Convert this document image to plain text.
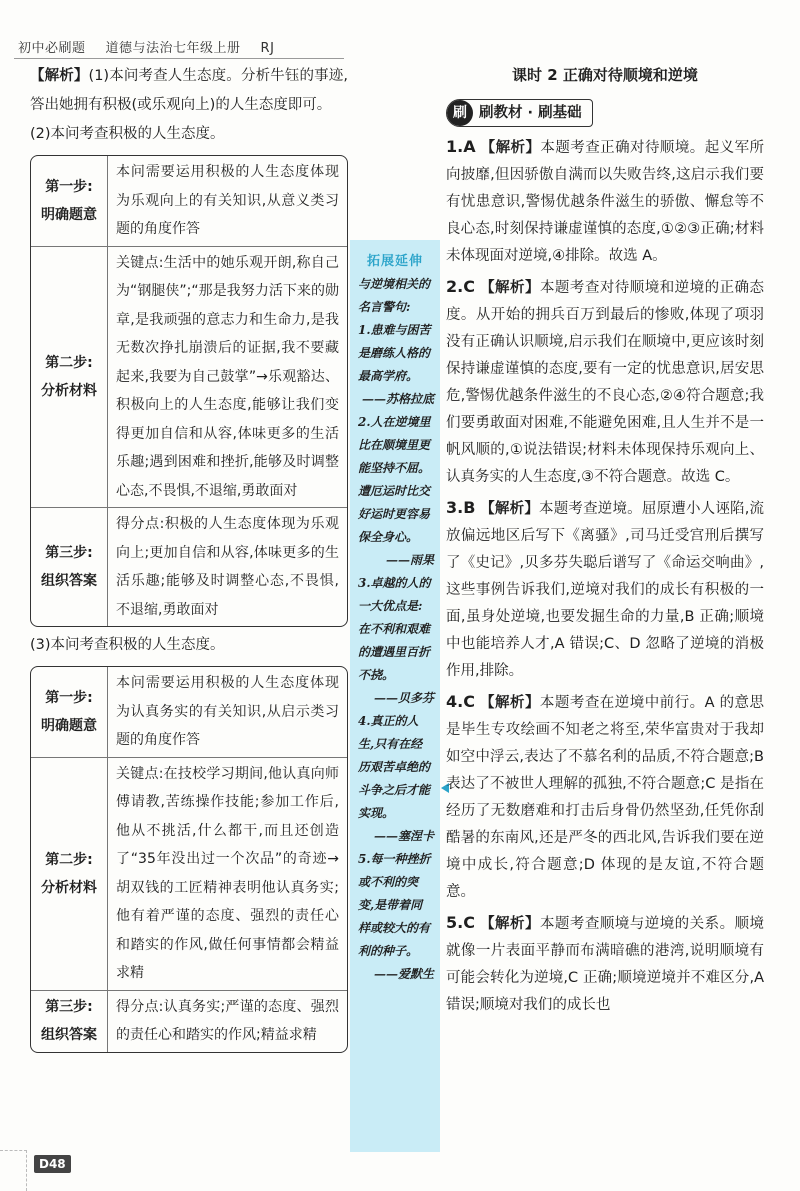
初中必刷题 道德与法治七年级上册 RJ

【解析】(1)本问考查人生态度。分析牛钰的事迹,答出她拥有积极(或乐观向上)的人生态度即可。

(2)本问考查积极的人生态度。

第一步:
明确题意
本问需要运用积极的人生态度体现为乐观向上的有关知识,从意义类习题的角度作答
第二步:
分析材料
关键点:生活中的她乐观开朗,称自己为“钢腿侠”;“那是我努力活下来的勋章,是我顽强的意志力和生命力,是我无数次挣扎崩溃后的证据,我不要藏起来,我要为自己鼓掌”→乐观豁达、积极向上的人生态度,能够让我们变得更加自信和从容,体味更多的生活乐趣;遇到困难和挫折,能够及时调整心态,不畏惧,不退缩,勇敢面对
第三步:
组织答案
得分点:积极的人生态度体现为乐观向上;更加自信和从容,体味更多的生活乐趣;能够及时调整心态,不畏惧,不退缩,勇敢面对

(3)本问考查积极的人生态度。

第一步:
明确题意
本问需要运用积极的人生态度体现为认真务实的有关知识,从启示类习题的角度作答
第二步:
分析材料
关键点:在技校学习期间,他认真向师傅请教,苦练操作技能;参加工作后,他从不挑活,什么都干,而且还创造了“35年没出过一个次品”的奇迹→胡双钱的工匠精神表明他认真务实;他有着严谨的态度、强烈的责任心和踏实的作风,做任何事情都会精益求精
第三步:
组织答案
得分点:认真务实;严谨的态度、强烈的责任心和踏实的作风;精益求精
拓展延伸
与逆境相关的名言警句:
1.患难与困苦是磨练人格的最高学府。
——苏格拉底
2.人在逆境里比在顺境里更能坚持不屈。遭厄运时比交好运时更容易保全身心。
——雨果
3.卓越的人的一大优点是:在不利和艰难的遭遇里百折不挠。
——贝多芬
4.真正的人生,只有在经历艰苦卓绝的斗争之后才能实现。
——塞涅卡
5.每一种挫折或不利的突变,是带着同样或较大的有利的种子。
——爱默生
课时 2 正确对待顺境和逆境
刷 刷教材 · 刷基础

1.A 【解析】本题考查正确对待顺境。起义军所向披靡,但因骄傲自满而以失败告终,这启示我们要有忧患意识,警惕优越条件滋生的骄傲、懈怠等不良心态,时刻保持谦虚谨慎的态度,①②③正确;材料未体现面对逆境,④排除。故选 A。

2.C 【解析】本题考查对待顺境和逆境的正确态度。从开始的拥兵百万到最后的惨败,体现了项羽没有正确认识顺境,启示我们在顺境中,更应该时刻保持谦虚谨慎的态度,要有一定的忧患意识,居安思危,警惕优越条件滋生的不良心态,②④符合题意;我们要勇敢面对困难,不能避免困难,且人生并不是一帆风顺的,①说法错误;材料未体现保持乐观向上、认真务实的人生态度,③不符合题意。故选 C。

3.B 【解析】本题考查逆境。屈原遭小人诬陷,流放偏远地区后写下《离骚》,司马迁受宫刑后撰写了《史记》,贝多芬失聪后谱写了《命运交响曲》,这些事例告诉我们,逆境对我们的成长有积极的一面,虽身处逆境,也要发掘生命的力量,B 正确;顺境中也能培养人才,A 错误;C、D 忽略了逆境的消极作用,排除。

4.C 【解析】本题考查在逆境中前行。A 的意思是毕生专攻绘画不知老之将至,荣华富贵对于我却如空中浮云,表达了不慕名利的品质,不符合题意;B 表达了不被世人理解的孤独,不符合题意;C 是指在经历了无数磨难和打击后身骨仍然坚劲,任凭你刮酷暑的东南风,还是严冬的西北风,告诉我们要在逆境中成长,符合题意;D 体现的是友谊,不符合题意。

5.C 【解析】本题考查顺境与逆境的关系。顺境就像一片表面平静而布满暗礁的港湾,说明顺境有可能会转化为逆境,C 正确;顺境逆境并不难区分,A 错误;顺境对我们的成长也

D48
